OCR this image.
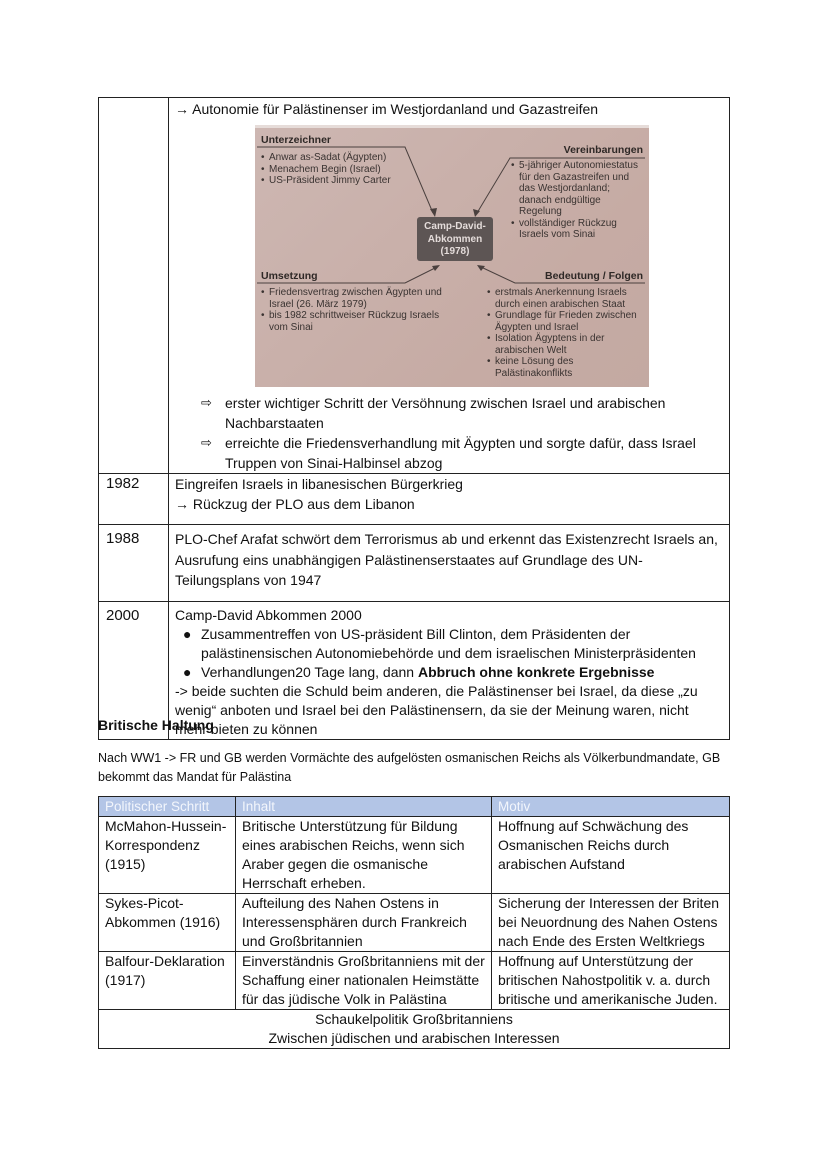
→ Autonomie für Palästinenser im Westjordanland und Gazastreifen
Unterzeichner
• Anwar as-Sadat (Ägypten)
• Menachem Begin (Israel)
• US-Präsident Jimmy Carter
Vereinbarungen
• 5-jähriger Autonomiestatus für den Gazastreifen und das Westjordanland; danach endgültige Regelung
• vollständiger Rückzug Israels vom Sinai
Camp-David-
Abkommen
(1978)
Umsetzung
• Friedensvertrag zwischen Ägypten und Israel (26. März 1979)
• bis 1982 schrittweiser Rückzug Israels vom Sinai
Bedeutung / Folgen
• erstmals Anerkennung Israels durch einen arabischen Staat
• Grundlage für Frieden zwischen Ägypten und Israel
• Isolation Ägyptens in der arabischen Welt
• keine Lösung des Palästinakonflikts
⇨ erster wichtiger Schritt der Versöhnung zwischen Israel und arabischen Nachbarstaaten
⇨ erreichte die Friedensverhandlung mit Ägypten und sorgte dafür, dass Israel Truppen von Sinai-Halbinsel abzog

1982	Eingreifen Israels in libanesischen Bürgerkrieg
→ Rückzug der PLO aus dem Libanon

1988	PLO-Chef Arafat schwört dem Terrorismus ab und erkennt das Existenzrecht Israels an, Ausrufung eins unabhängigen Palästinenserstaates auf Grundlage des UN-Teilungsplans von 1947

2000	Camp-David Abkommen 2000
● Zusammentreffen von US-präsident Bill Clinton, dem Präsidenten der palästinensischen Autonomiebehörde und dem israelischen Ministerpräsidenten
● Verhandlungen20 Tage lang, dann Abbruch ohne konkrete Ergebnisse
-> beide suchten die Schuld beim anderen, die Palästinenser bei Israel, da diese „zu wenig“ anboten und Israel bei den Palästinensern, da sie der Meinung waren, nicht mehr bieten zu können
Britische Haltung
Nach WW1 -> FR und GB werden Vormächte des aufgelösten osmanischen Reichs als Völkerbundmandate, GB bekommt das Mandat für Palästina
Politischer Schritt	Inhalt	Motiv
McMahon-Hussein-Korrespondenz (1915)	Britische Unterstützung für Bildung eines arabischen Reichs, wenn sich Araber gegen die osmanische Herrschaft erheben.	Hoffnung auf Schwächung des Osmanischen Reichs durch arabischen Aufstand
Sykes-Picot-Abkommen (1916)	Aufteilung des Nahen Ostens in Interessensphären durch Frankreich und Großbritannien	Sicherung der Interessen der Briten bei Neuordnung des Nahen Ostens nach Ende des Ersten Weltkriegs
Balfour-Deklaration (1917)	Einverständnis Großbritanniens mit der Schaffung einer nationalen Heimstätte für das jüdische Volk in Palästina	Hoffnung auf Unterstützung der britischen Nahostpolitik v. a. durch britische und amerikanische Juden.

Schaukelpolitik Großbritanniens
Zwischen jüdischen und arabischen Interessen		
